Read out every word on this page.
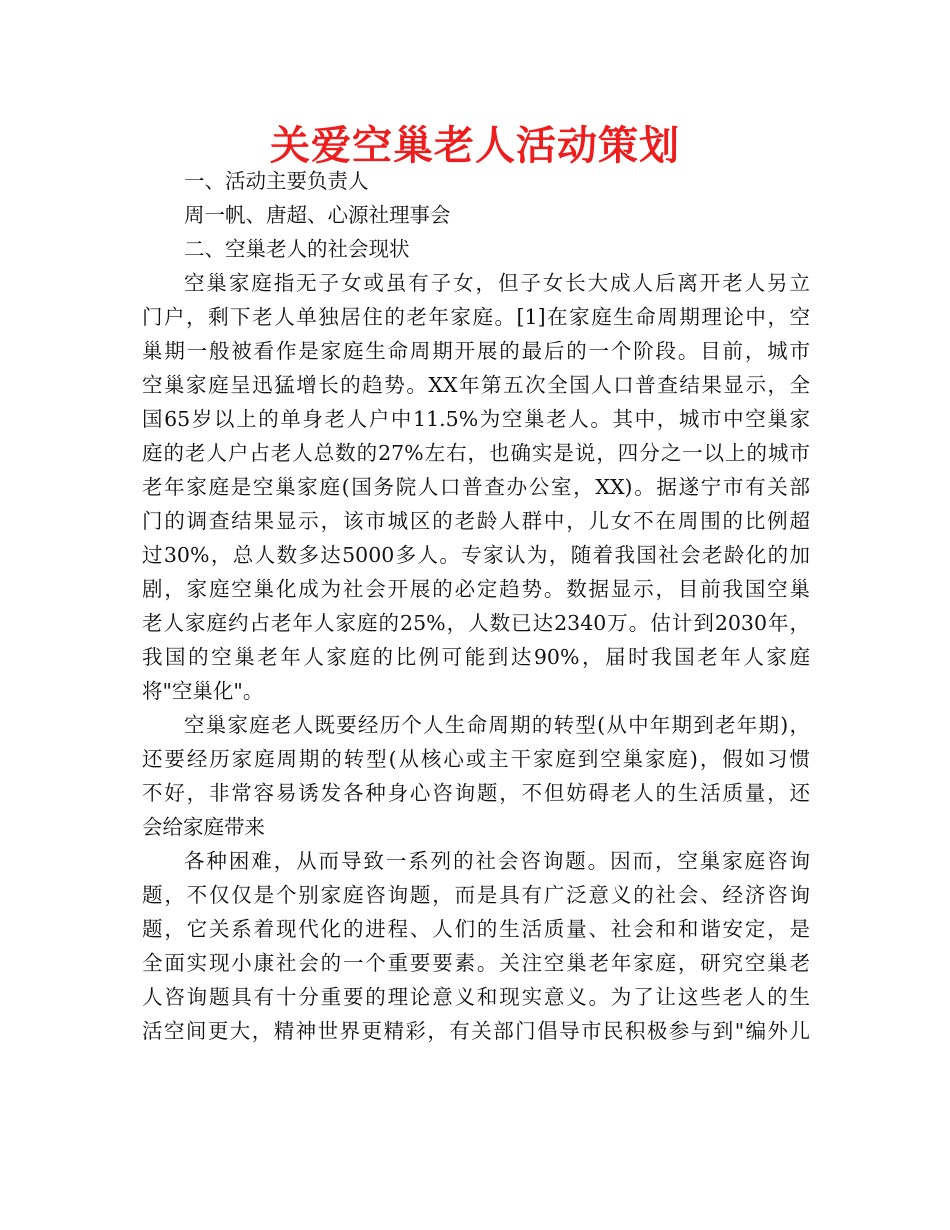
关爱空巢老人活动策划
一、活动主要负责人
周一帆、唐超、心源社理事会
二、空巢老人的社会现状
空巢家庭指无子女或虽有子女，但子女长大成人后离开老人另立
门户，剩下老人单独居住的老年家庭。[1]在家庭生命周期理论中，空
巢期一般被看作是家庭生命周期开展的最后的一个阶段。目前，城市
空巢家庭呈迅猛增长的趋势。XX年第五次全国人口普查结果显示，全
国65岁以上的单身老人户中11.5%为空巢老人。其中，城市中空巢家
庭的老人户占老人总数的27%左右，也确实是说，四分之一以上的城市
老年家庭是空巢家庭(国务院人口普查办公室，XX)。据遂宁市有关部
门的调查结果显示，该市城区的老龄人群中，儿女不在周围的比例超
过30%，总人数多达5000多人。专家认为，随着我国社会老龄化的加
剧，家庭空巢化成为社会开展的必定趋势。数据显示，目前我国空巢
老人家庭约占老年人家庭的25%，人数已达2340万。估计到2030年，
我国的空巢老年人家庭的比例可能到达90%，届时我国老年人家庭
将"空巢化"。
空巢家庭老人既要经历个人生命周期的转型(从中年期到老年期)，
还要经历家庭周期的转型(从核心或主干家庭到空巢家庭)，假如习惯
不好，非常容易诱发各种身心咨询题，不但妨碍老人的生活质量，还
会给家庭带来
各种困难，从而导致一系列的社会咨询题。因而，空巢家庭咨询
题，不仅仅是个别家庭咨询题，而是具有广泛意义的社会、经济咨询
题，它关系着现代化的进程、人们的生活质量、社会和和谐安定，是
全面实现小康社会的一个重要要素。关注空巢老年家庭，研究空巢老
人咨询题具有十分重要的理论意义和现实意义。为了让这些老人的生
活空间更大，精神世界更精彩，有关部门倡导市民积极参与到"编外儿
